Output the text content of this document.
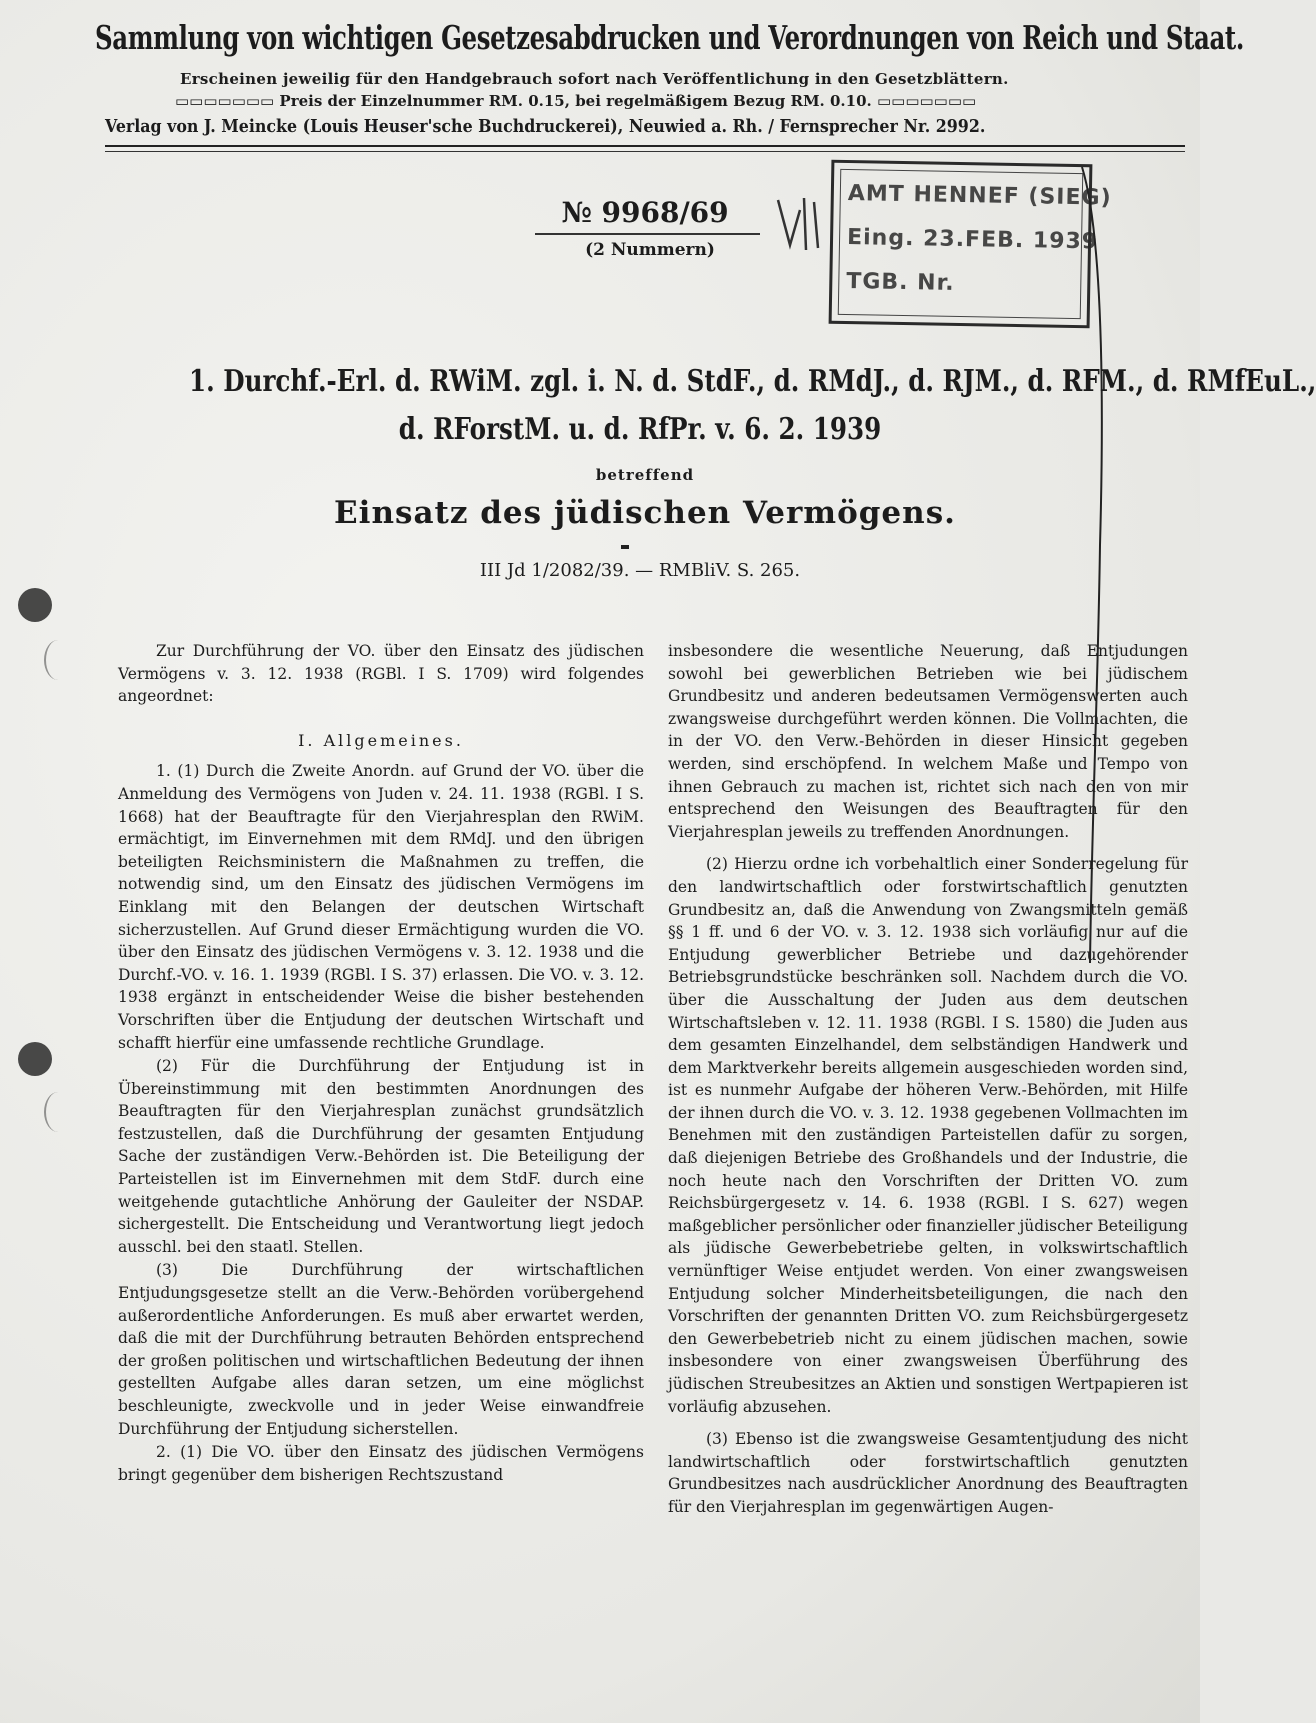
Sammlung von wichtigen Gesetzesabdrucken und Verordnungen von Reich und Staat.
Erscheinen jeweilig für den Handgebrauch sofort nach Veröffentlichung in den Gesetzblättern.
▭▭▭▭▭▭▭ Preis der Einzelnummer RM. 0.15, bei regelmäßigem Bezug RM. 0.10. ▭▭▭▭▭▭▭
Verlag von J. Meincke (Louis Heuser'sche Buchdruckerei), Neuwied a. Rh. / Fernsprecher Nr. 2992.
№ 9968/69
(2 Nummern)
AMT HENNEF (SIEG)
Eing. 23.FEB. 1939
TGB. Nr.
1. Durchf.-Erl. d. RWiM. zgl. i. N. d. StdF., d. RMdJ., d. RJM., d. RFM., d. RMfEuL.,
d. RForstM. u. d. RfPr. v. 6. 2. 1939
betreffend
Einsatz des jüdischen Vermögens.
III Jd 1/2082/39. — RMBliV. S. 265.

Zur Durchführung der VO. über den Einsatz des jüdischen Vermögens v. 3. 12. 1938 (RGBl. I S. 1709) wird folgendes angeordnet:

I. Allgemeines.

1. (1) Durch die Zweite Anordn. auf Grund der VO. über die Anmeldung des Vermögens von Juden v. 24. 11. 1938 (RGBl. I S. 1668) hat der Beauftragte für den Vierjahresplan den RWiM. ermächtigt, im Einvernehmen mit dem RMdJ. und den übrigen beteiligten Reichsministern die Maßnahmen zu treffen, die notwendig sind, um den Einsatz des jüdischen Vermögens im Einklang mit den Belangen der deutschen Wirtschaft sicherzustellen. Auf Grund dieser Ermächtigung wurden die VO. über den Einsatz des jüdischen Vermögens v. 3. 12. 1938 und die Durchf.-VO. v. 16. 1. 1939 (RGBl. I S. 37) erlassen. Die VO. v. 3. 12. 1938 ergänzt in entscheidender Weise die bisher bestehenden Vorschriften über die Entjudung der deutschen Wirtschaft und schafft hierfür eine umfassende rechtliche Grundlage.

(2) Für die Durchführung der Entjudung ist in Übereinstimmung mit den bestimmten Anordnungen des Beauftragten für den Vierjahresplan zunächst grundsätzlich festzustellen, daß die Durchführung der gesamten Entjudung Sache der zuständigen Verw.-Behörden ist. Die Beteiligung der Parteistellen ist im Einvernehmen mit dem StdF. durch eine weitgehende gutachtliche Anhörung der Gauleiter der NSDAP. sichergestellt. Die Entscheidung und Verantwortung liegt jedoch ausschl. bei den staatl. Stellen.

(3) Die Durchführung der wirtschaftlichen Entjudungsgesetze stellt an die Verw.-Behörden vorübergehend außerordentliche Anforderungen. Es muß aber erwartet werden, daß die mit der Durchführung betrauten Behörden entsprechend der großen politischen und wirtschaftlichen Bedeutung der ihnen gestellten Aufgabe alles daran setzen, um eine möglichst beschleunigte, zweckvolle und in jeder Weise einwandfreie Durchführung der Entjudung sicherstellen.

2. (1) Die VO. über den Einsatz des jüdischen Vermögens bringt gegenüber dem bisherigen Rechtszustand

insbesondere die wesentliche Neuerung, daß Entjudungen sowohl bei gewerblichen Betrieben wie bei jüdischem Grundbesitz und anderen bedeutsamen Vermögenswerten auch zwangsweise durchgeführt werden können. Die Vollmachten, die in der VO. den Verw.-Behörden in dieser Hinsicht gegeben werden, sind erschöpfend. In welchem Maße und Tempo von ihnen Gebrauch zu machen ist, richtet sich nach den von mir entsprechend den Weisungen des Beauftragten für den Vierjahresplan jeweils zu treffenden Anordnungen.

(2) Hierzu ordne ich vorbehaltlich einer Sonderregelung für den landwirtschaftlich oder forstwirtschaftlich genutzten Grundbesitz an, daß die Anwendung von Zwangsmitteln gemäß §§ 1 ff. und 6 der VO. v. 3. 12. 1938 sich vorläufig nur auf die Entjudung gewerblicher Betriebe und dazugehörender Betriebsgrundstücke beschränken soll. Nachdem durch die VO. über die Ausschaltung der Juden aus dem deutschen Wirtschaftsleben v. 12. 11. 1938 (RGBl. I S. 1580) die Juden aus dem gesamten Einzelhandel, dem selbständigen Handwerk und dem Marktverkehr bereits allgemein ausgeschieden worden sind, ist es nunmehr Aufgabe der höheren Verw.-Behörden, mit Hilfe der ihnen durch die VO. v. 3. 12. 1938 gegebenen Vollmachten im Benehmen mit den zuständigen Parteistellen dafür zu sorgen, daß diejenigen Betriebe des Großhandels und der Industrie, die noch heute nach den Vorschriften der Dritten VO. zum Reichsbürgergesetz v. 14. 6. 1938 (RGBl. I S. 627) wegen maßgeblicher persönlicher oder finanzieller jüdischer Beteiligung als jüdische Gewerbebetriebe gelten, in volkswirtschaftlich vernünftiger Weise entjudet werden. Von einer zwangsweisen Entjudung solcher Minderheitsbeteiligungen, die nach den Vorschriften der genannten Dritten VO. zum Reichsbürgergesetz den Gewerbebetrieb nicht zu einem jüdischen machen, sowie insbesondere von einer zwangsweisen Überführung des jüdischen Streubesitzes an Aktien und sonstigen Wertpapieren ist vorläufig abzusehen.

(3) Ebenso ist die zwangsweise Gesamtentjudung des nicht landwirtschaftlich oder forstwirtschaftlich genutzten Grundbesitzes nach ausdrücklicher Anordnung des Beauftragten für den Vierjahresplan im gegenwärtigen Augen-
